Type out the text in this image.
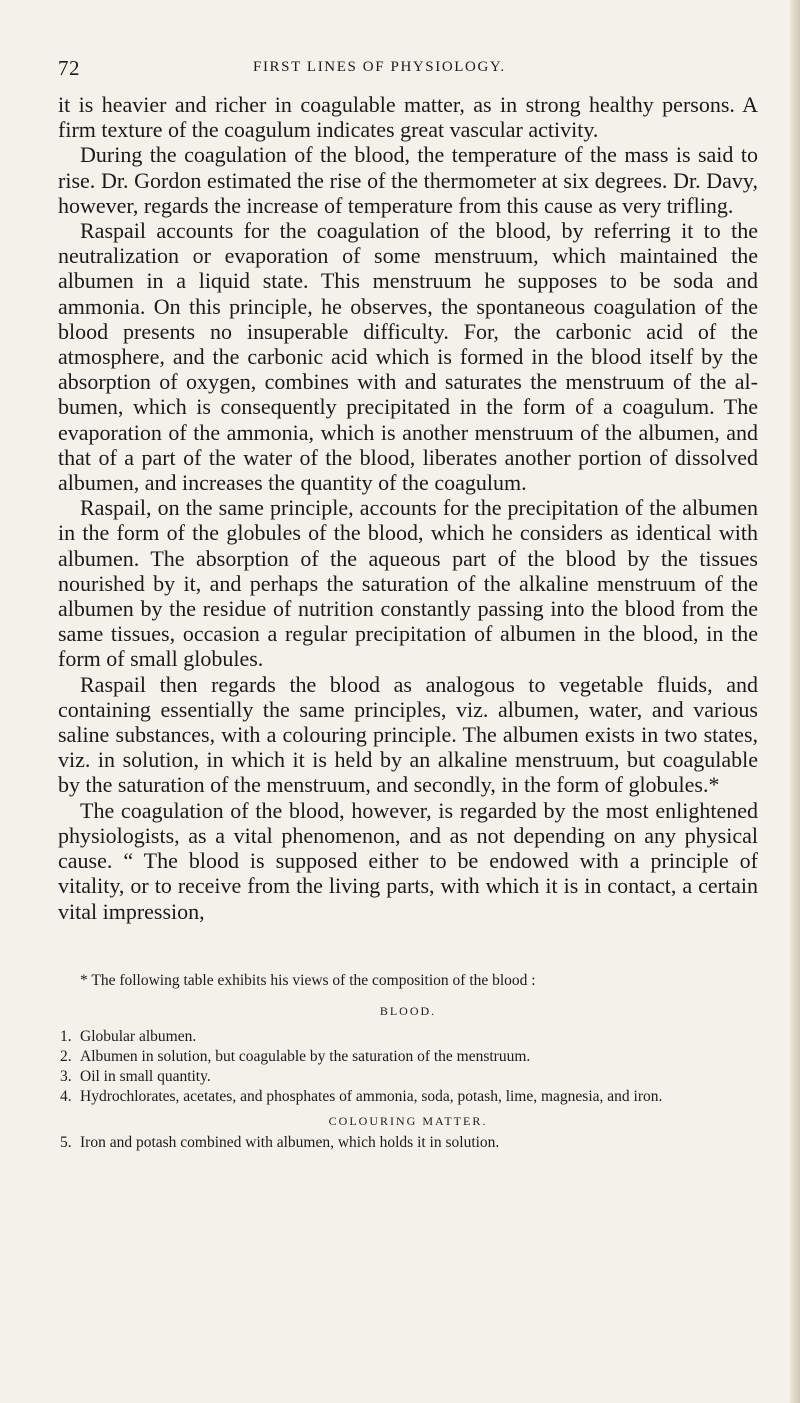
72	FIRST LINES OF PHYSIOLOGY.

it is heavier and richer in coagulable matter, as in strong healthy persons. A firm texture of the coagulum indicates great vascular activity.

During the coagulation of the blood, the temperature of the mass is said to rise. Dr. Gordon estimated the rise of the thermometer at six degrees. Dr. Davy, however, regards the increase of temperature from this cause as very trifling.

Raspail accounts for the coagulation of the blood, by referring it to the neutralization or evaporation of some menstruum, which maintained the albumen in a liquid state. This menstruum he supposes to be soda and ammonia. On this principle, he observes, the spontaneous coagulation of the blood presents no insuperable difficulty. For, the carbonic acid of the atmosphere, and the carbonic acid which is formed in the blood itself by the absorption of oxygen, combines with and saturates the menstruum of the albumen, which is consequently precipitated in the form of a coagulum. The evaporation of the ammonia, which is another menstruum of the albumen, and that of a part of the water of the blood, liberates another portion of dissolved albumen, and increases the quantity of the coagulum.

Raspail, on the same principle, accounts for the precipitation of the albumen in the form of the globules of the blood, which he considers as identical with albumen. The absorption of the aqueous part of the blood by the tissues nourished by it, and perhaps the saturation of the alkaline menstruum of the albumen by the residue of nutrition constantly passing into the blood from the same tissues, occasion a regular precipitation of albumen in the blood, in the form of small globules.

Raspail then regards the blood as analogous to vegetable fluids, and containing essentially the same principles, viz. albumen, water, and various saline substances, with a colouring principle. The albumen exists in two states, viz. in solution, in which it is held by an alkaline menstruum, but coagulable by the saturation of the menstruum, and secondly, in the form of globules.*

The coagulation of the blood, however, is regarded by the most enlightened physiologists, as a vital phenomenon, and as not depending on any physical cause. “ The blood is supposed either to be endowed with a principle of vitality, or to receive from the living parts, with which it is in contact, a certain vital impression,

* The following table exhibits his views of the composition of the blood :

BLOOD.
1. Globular albumen.
2. Albumen in solution, but coagulable by the saturation of the menstruum.
3. Oil in small quantity.
4. Hydrochlorates, acetates, and phosphates of ammonia, soda, potash, lime, magnesia, and iron.
COLOURING MATTER.
5. Iron and potash combined with albumen, which holds it in solution.
